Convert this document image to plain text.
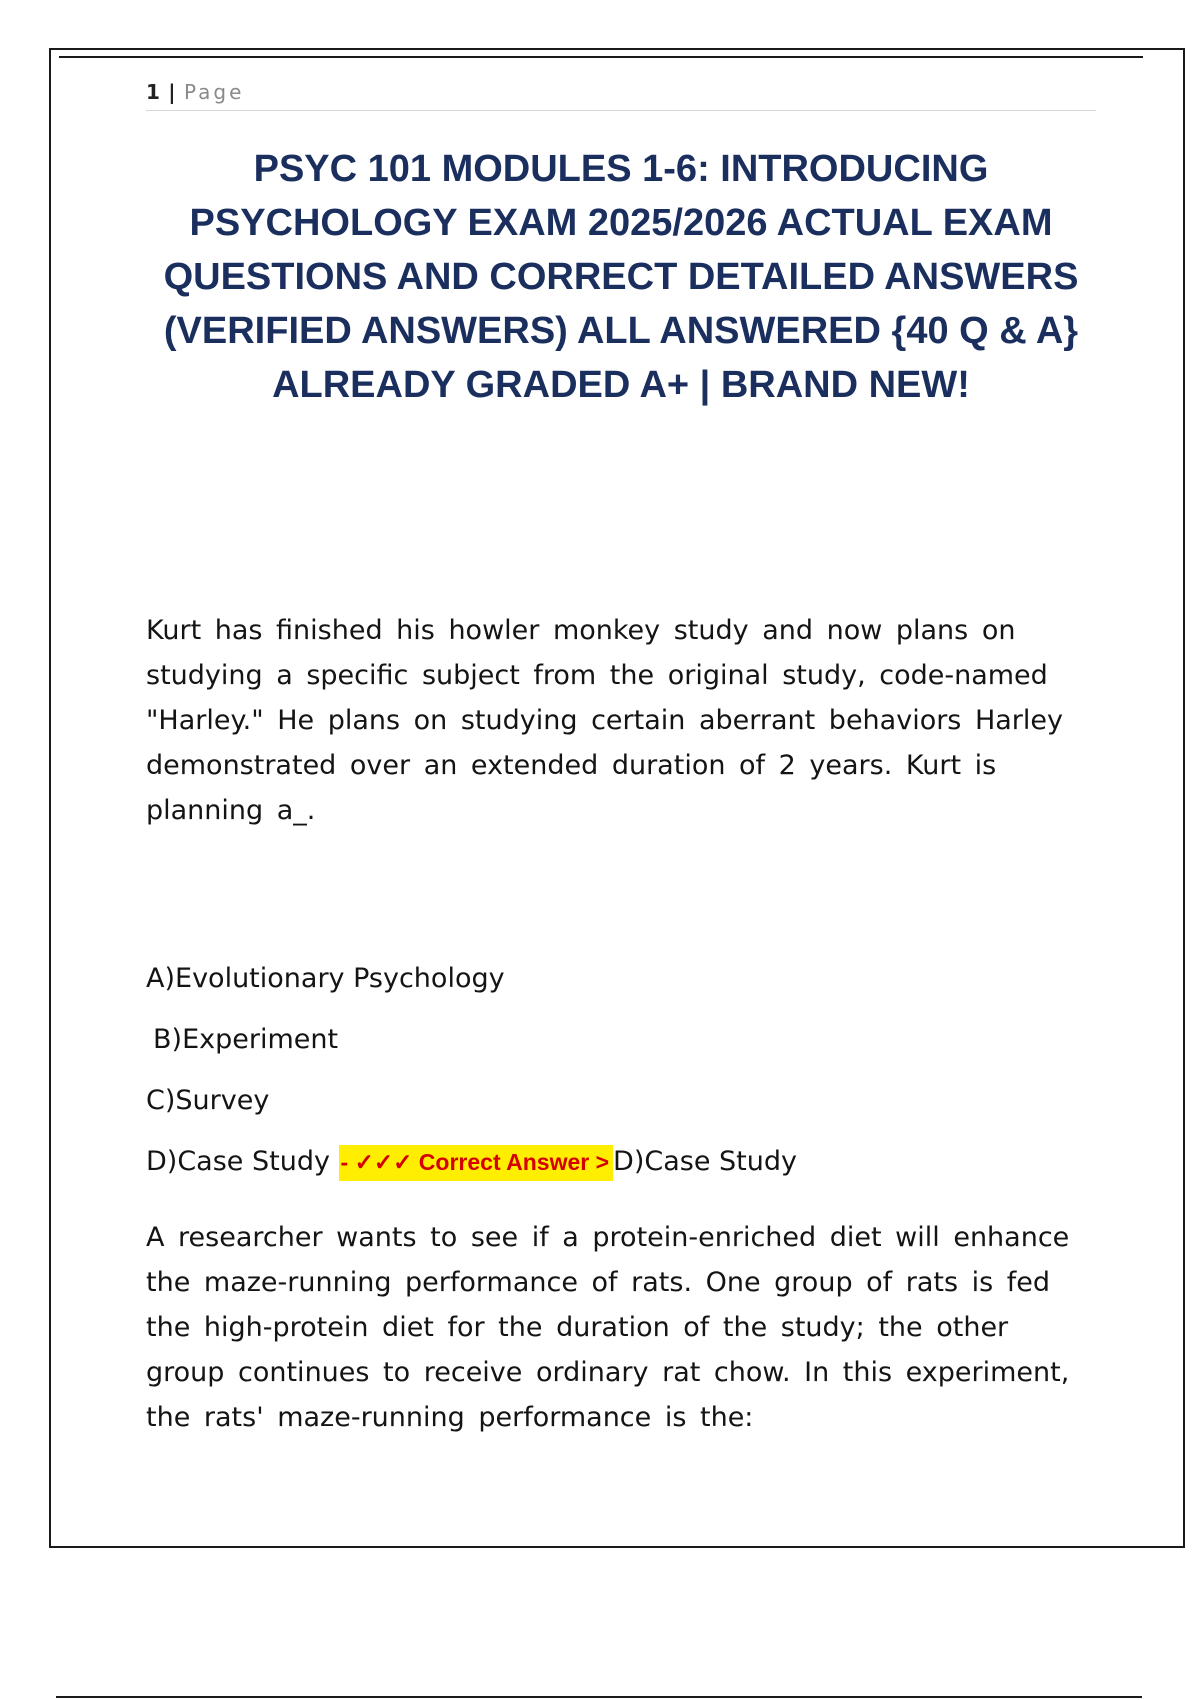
1 | Page
PSYC 101 MODULES 1-6: INTRODUCING PSYCHOLOGY EXAM 2025/2026 ACTUAL EXAM QUESTIONS AND CORRECT DETAILED ANSWERS (VERIFIED ANSWERS) ALL ANSWERED {40 Q & A} ALREADY GRADED A+ | BRAND NEW!

Kurt has finished his howler monkey study and now plans on studying a specific subject from the original study, code-named "Harley." He plans on studying certain aberrant behaviors Harley demonstrated over an extended duration of 2 years. Kurt is planning a_.

A)Evolutionary Psychology

B)Experiment

C)Survey

D)Case Study - ✓✓✓ Correct Answer > D)Case Study

A researcher wants to see if a protein-enriched diet will enhance the maze-running performance of rats. One group of rats is fed the high-protein diet for the duration of the study; the other group continues to receive ordinary rat chow. In this experiment, the rats' maze-running performance is the:
